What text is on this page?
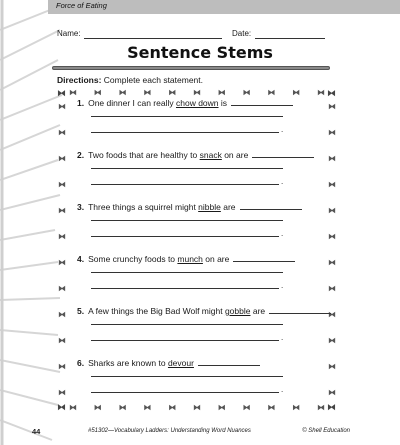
Force of Eating
Name:	Date:
Sentence Stems
Directions: Complete each statement.
⧓	⧓
⧓	⧓
⧓ ⧓ ⧓ ⧓ ⧓ ⧓ ⧓ ⧓ ⧓ ⧓ ⧓
⧓ ⧓ ⧓ ⧓ ⧓ ⧓ ⧓ ⧓ ⧓ ⧓ ⧓
⧓
⧓
⧓
⧓
⧓
⧓
⧓
⧓
⧓
⧓
⧓
⧓
⧓
⧓
⧓
⧓
⧓
⧓
⧓
⧓
⧓
⧓
⧓
⧓
1. One dinner I can really chow down is
.
2. Two foods that are healthy to snack on are
.
3. Three things a squirrel might nibble are
.
4. Some crunchy foods to munch on are
.
5. A few things the Big Bad Wolf might gobble are
.
6. Sharks are known to devour
.
44	#51302—Vocabulary Ladders: Understanding Word Nuances	© Shell Education
